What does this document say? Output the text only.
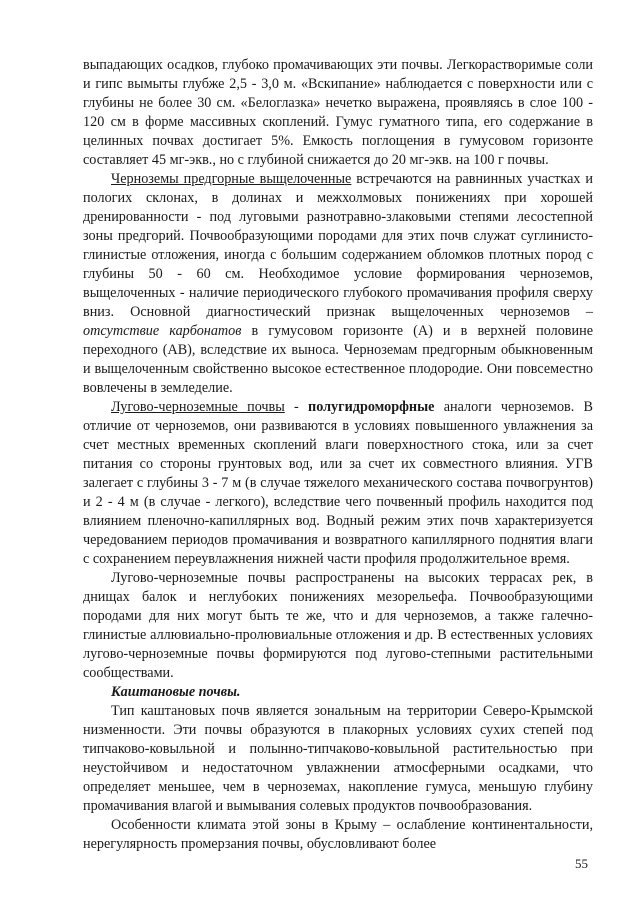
выпадающих осадков, глубоко промачивающих эти почвы. Легкорастворимые соли и гипс вымыты глубже 2,5 - 3,0 м. «Вскипание» наблюдается с поверхности или с глубины не более 30 см. «Белоглазка» нечетко выражена, проявляясь в слое 100 - 120 см в форме массивных скоплений. Гумус гуматного типа, его содержание в целинных почвах достигает 5%. Емкость поглощения в гумусовом горизонте составляет 45 мг-экв., но с глубиной снижается до 20 мг-экв. на 100 г почвы.

Черноземы предгорные выщелоченные встречаются на равнинных участках и пологих склонах, в долинах и межхолмовых понижениях при хорошей дренированности - под луговыми разнотравно-злаковыми степями лесостепной зоны предгорий. Почвообразующими породами для этих почв служат суглинисто-глинистые отложения, иногда с большим содержанием обломков плотных пород с глубины 50 - 60 см. Необходимое условие формирования черноземов, выщелоченных - наличие периодического глубокого промачивания профиля сверху вниз. Основной диагностический признак выщелоченных черноземов – отсутствие карбонатов в гумусовом горизонте (А) и в верхней половине переходного (АВ), вследствие их выноса. Черноземам предгорным обыкновенным и выщелоченным свойственно высокое естественное плодородие. Они повсеместно вовлечены в земледелие.

Лугово-черноземные почвы - полугидроморфные аналоги черноземов. В отличие от черноземов, они развиваются в условиях повышенного увлажнения за счет местных временных скоплений влаги поверхностного стока, или за счет питания со стороны грунтовых вод, или за счет их совместного влияния. УГВ залегает с глубины 3 - 7 м (в случае тяжелого механического состава почвогрунтов) и 2 - 4 м (в случае - легкого), вследствие чего почвенный профиль находится под влиянием пленочно-капиллярных вод. Водный режим этих почв характеризуется чередованием периодов промачивания и возвратного капиллярного поднятия влаги с сохранением переувлажнения нижней части профиля продолжительное время.

Лугово-черноземные почвы распространены на высоких террасах рек, в днищах балок и неглубоких понижениях мезорельефа. Почвообразующими породами для них могут быть те же, что и для черноземов, а также галечно-глинистые аллювиально-пролювиальные отложения и др. В естественных условиях лугово-черноземные почвы формируются под лугово-степными растительными сообществами.

Каштановые почвы.

Тип каштановых почв является зональным на территории Северо-Крымской низменности. Эти почвы образуются в плакорных условиях сухих степей под типчаково-ковыльной и полынно-типчаково-ковыльной растительностью при неустойчивом и недостаточном увлажнении атмосферными осадками, что определяет меньшее, чем в черноземах, накопление гумуса, меньшую глубину промачивания влагой и вымывания солевых продуктов почвообразования.

Особенности климата этой зоны в Крыму – ослабление континентальности, нерегулярность промерзания почвы, обусловливают более

55
